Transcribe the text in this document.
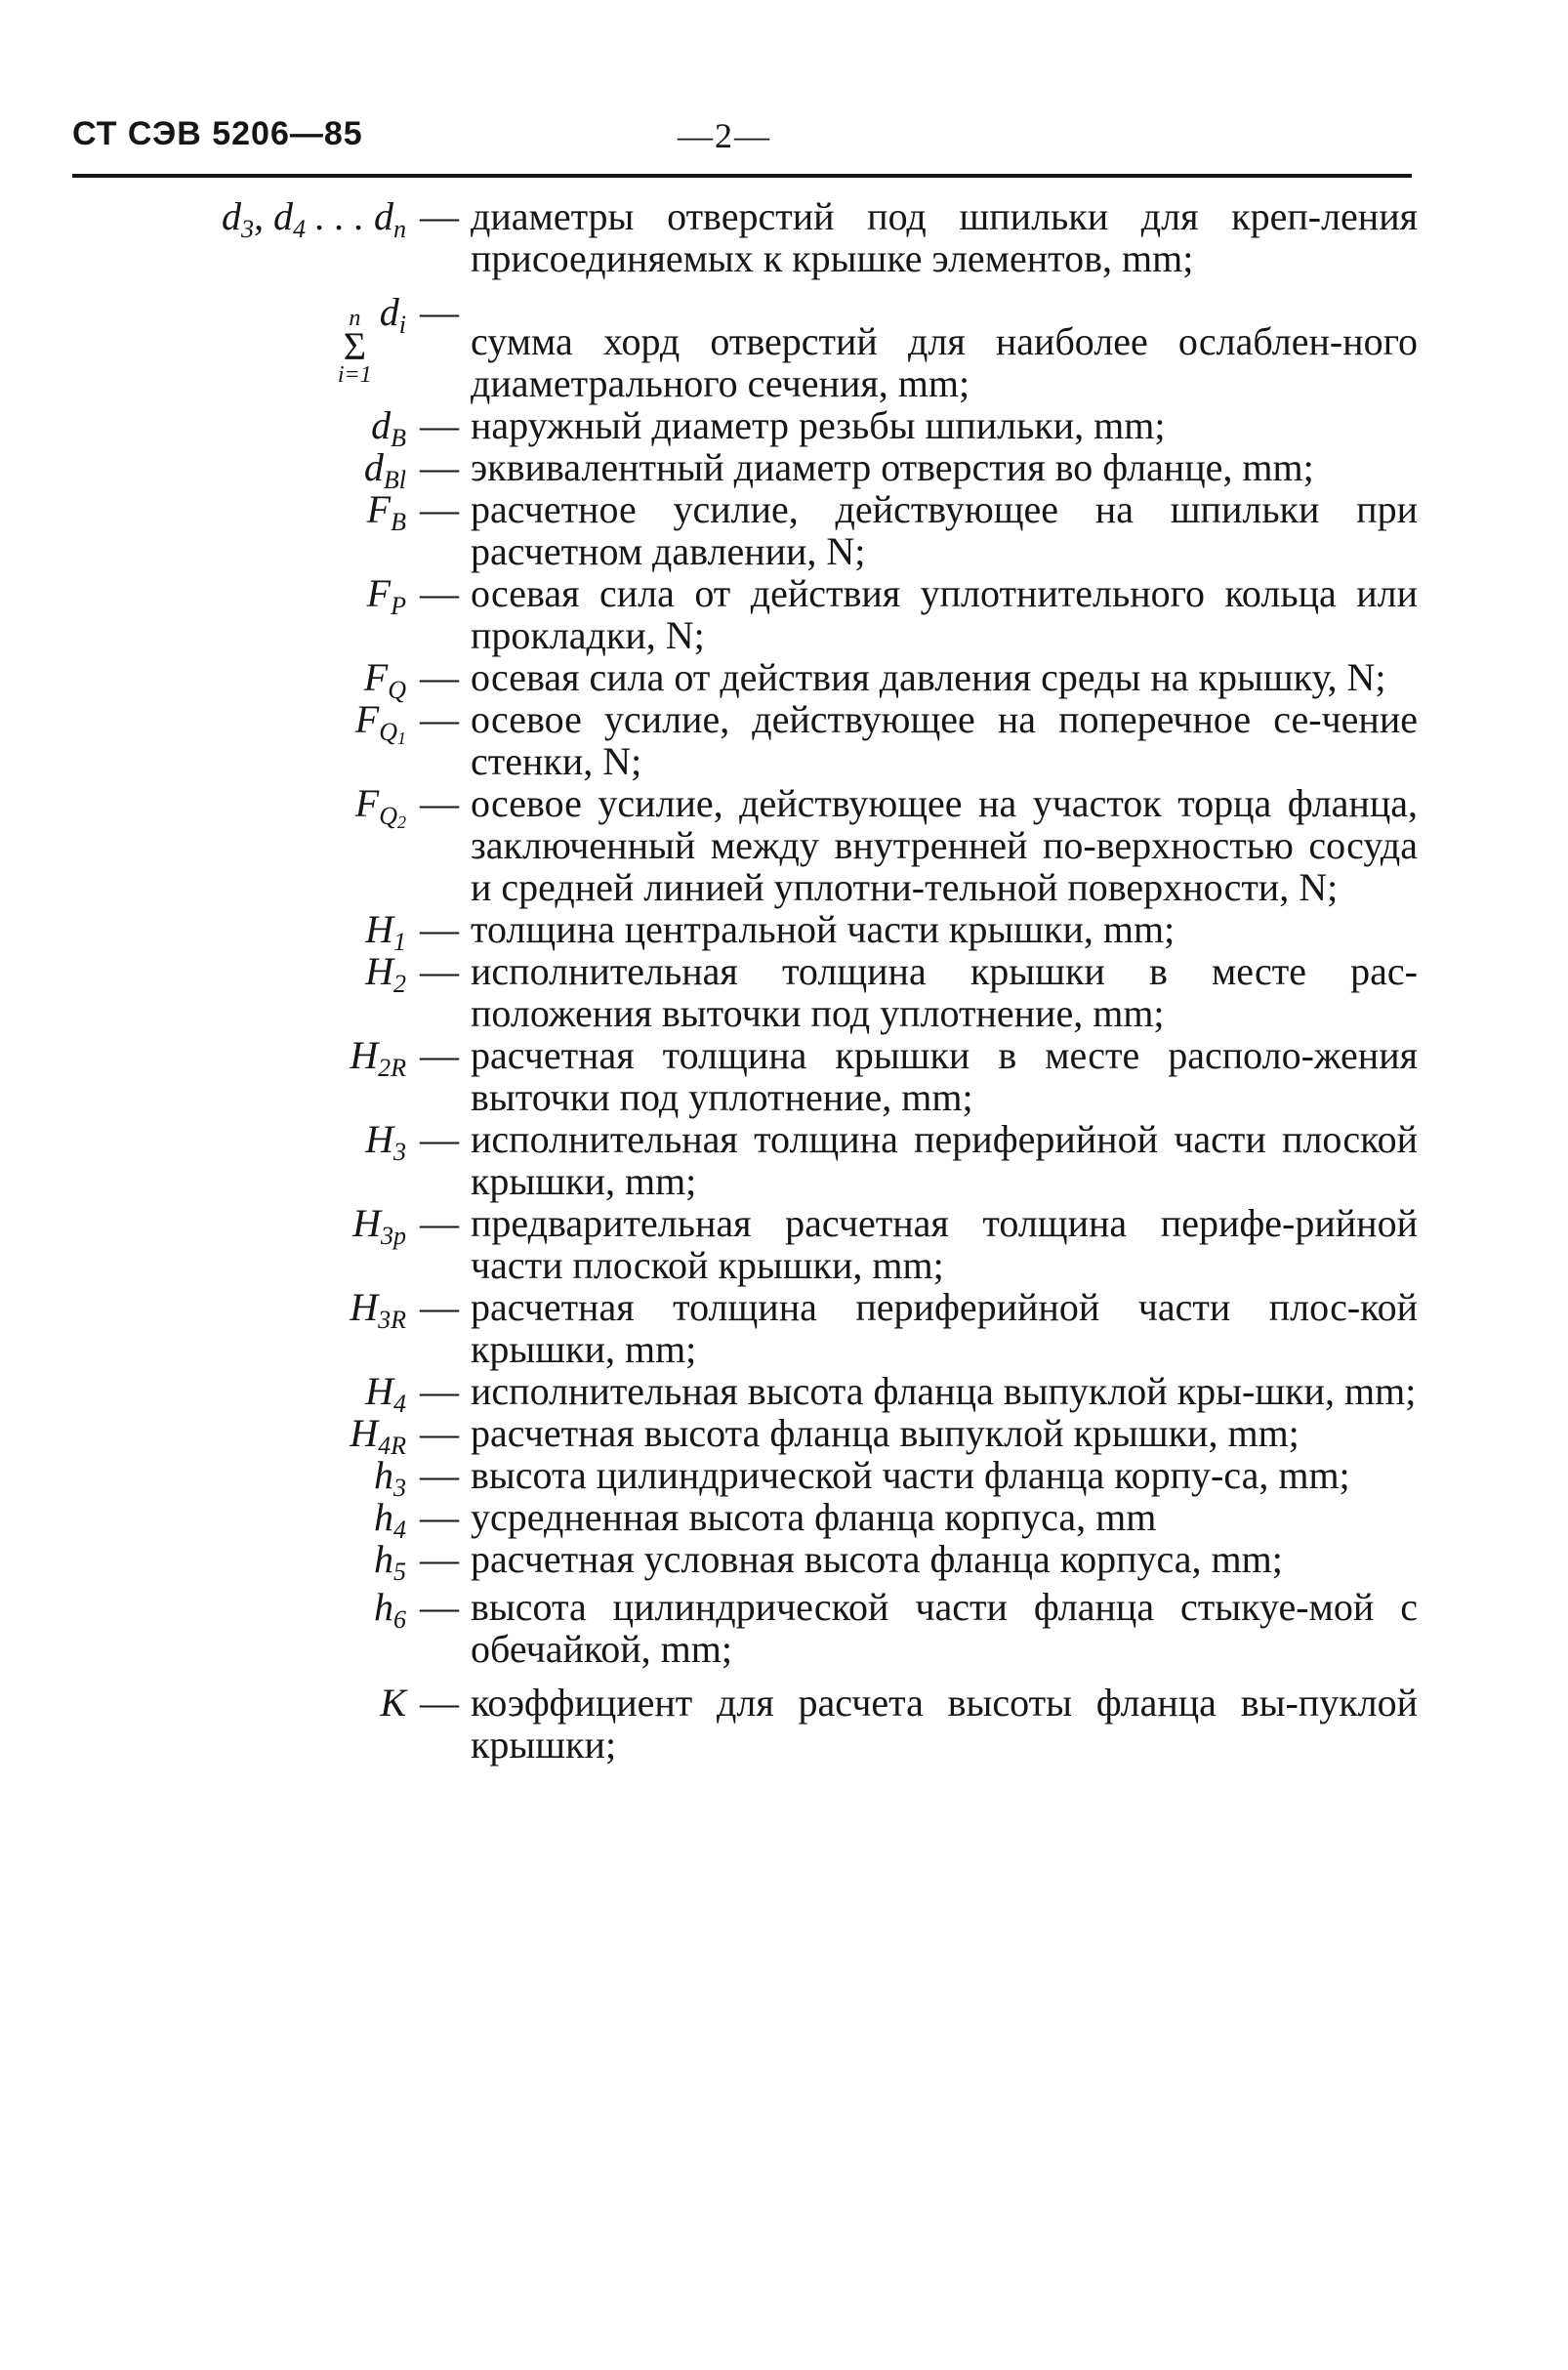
СТ СЭВ 5206—85	—2—
$d_3$, $d_4$ . . . $d_n$ — диаметры отверстий под шпильки для креп-ления присоединяемых к крышке элементов, mm;
n
Σ
i=1
$d_i$ —
сумма хорд отверстий для наиболее ослаблен-ного диаметрального сечения, mm;
$d_B$ — наружный диаметр резьбы шпильки, mm;
$d_{Bl}$ — эквивалентный диаметр отверстия во фланце, mm;
$F_B$ — расчетное усилие, действующее на шпильки при расчетном давлении, N;
$F_P$ — осевая сила от действия уплотнительного кольца или прокладки, N;
$F_Q$ — осевая сила от действия давления среды на крышку, N;
$F_{Q_1}$ — осевое усилие, действующее на поперечное се-чение стенки, N;
$F_{Q_2}$ — осевое усилие, действующее на участок торца фланца, заключенный между внутренней по-верхностью сосуда и средней линией уплотни-тельной поверхности, N;
$H_1$ — толщина центральной части крышки, mm;
$H_2$ — исполнительная толщина крышки в месте рас-положения выточки под уплотнение, mm;
$H_{2R}$ — расчетная толщина крышки в месте располо-жения выточки под уплотнение, mm;
$H_3$ — исполнительная толщина периферийной части плоской крышки, mm;
$H_{3p}$ — предварительная расчетная толщина перифе-рийной части плоской крышки, mm;
$H_{3R}$ — расчетная толщина периферийной части плос-кой крышки, mm;
$H_4$ — исполнительная высота фланца выпуклой кры-шки, mm;
$H_{4R}$ — расчетная высота фланца выпуклой крышки, mm;
$h_3$ — высота цилиндрической части фланца корпу-са, mm;
$h_4$ — усредненная высота фланца корпуса, mm
$h_5$ — расчетная условная высота фланца корпуса, mm;
$h_6$ — высота цилиндрической части фланца стыкуе-мой с обечайкой, mm;
K — коэффициент для расчета высоты фланца вы-пуклой крышки;
